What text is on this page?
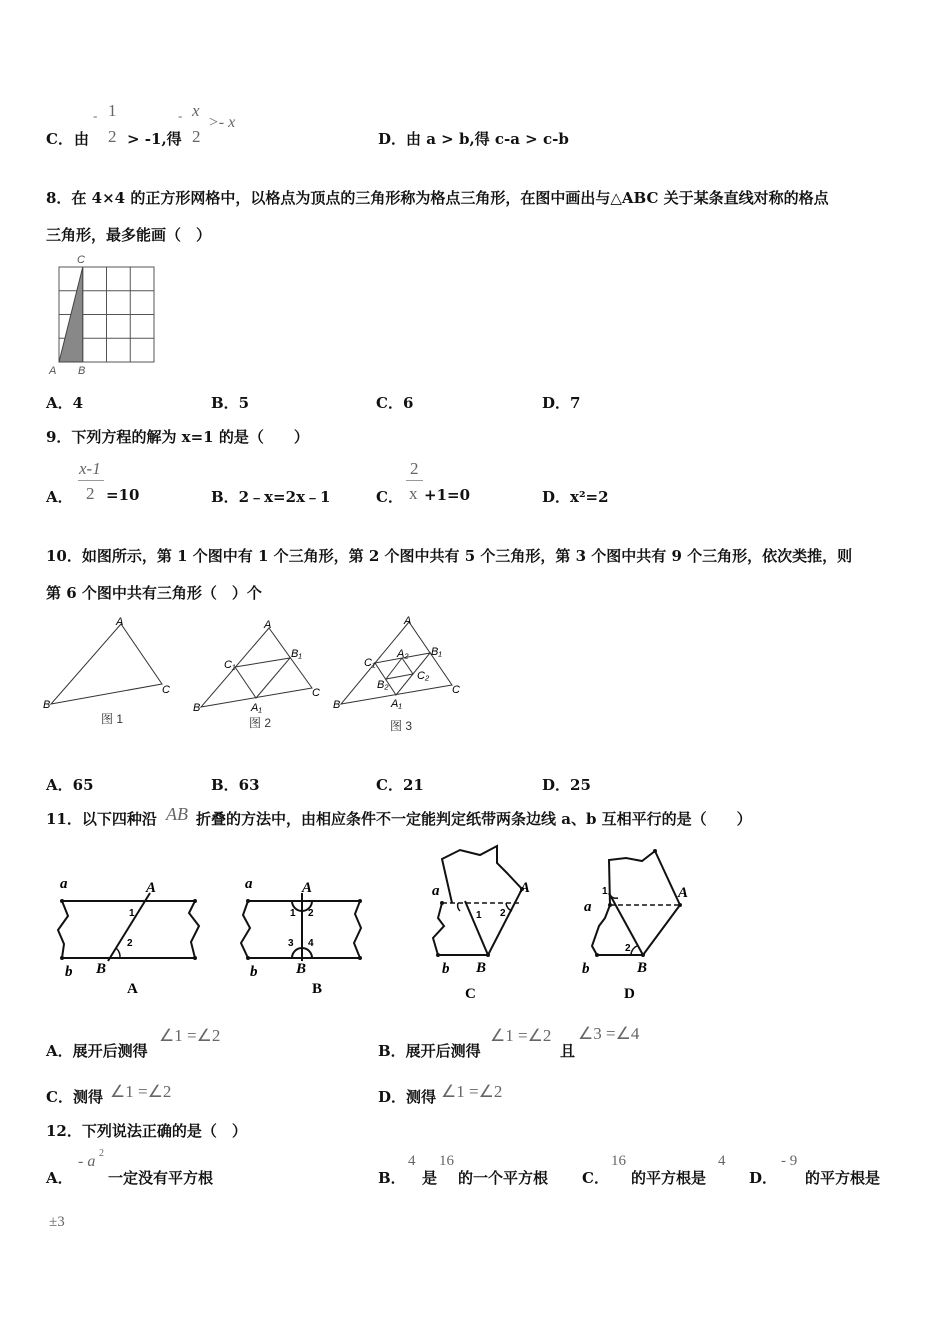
C． 由
- 1
2 > -1,得
- x
2
>- x
D． 由 a > b,得 c-a > c-b
8．在 4×4 的正方形网格中，以格点为顶点的三角形称为格点三角形，在图中画出与△ABC 关于某条直线对称的格点
三角形，最多能画（　）
C
A B
A．4	B．5	C．6	D．7
9．下列方程的解为 x=1 的是（　　）
A．
x-1
2 =10	B．2﹣x=2x﹣1	C．
2
x +1=0	D．x²=2
10．如图所示，第 1 个图中有 1 个三角形，第 2 个图中共有 5 个三角形，第 3 个图中共有 9 个三角形，依次类推，则
第 6 个图中共有三角形（　）个
A
B
C
图 1
A
B
C
C₁
B₁
A₁
图 2
A
B
C
C₁
B₁
A₁
A₂
B₂
C₂
图 3
A．65	B．63	C．21	D．25
11．以下四种沿 AB 折叠的方法中，由相应条件不一定能判定纸带两条边线 a、b 互相平行的是（　　）
a
b
A
B
1
2
A
a
b
A
B
1 2
3 4
B
a
b
A
B
1 2
C
a
b
A
B
1
2
D
A．展开后测得
∠1 =∠2
B．展开后测得
∠1 =∠2
且
∠3 =∠4
C．测得 ∠1 =∠2	D．测得 ∠1 =∠2
12．下列说法正确的是（　）
A．
- a 2
一定没有平方根	B．
4
是
16
的一个平方根 C．
16
的平方根是
4
D．
- 9
的平方根是
±3
